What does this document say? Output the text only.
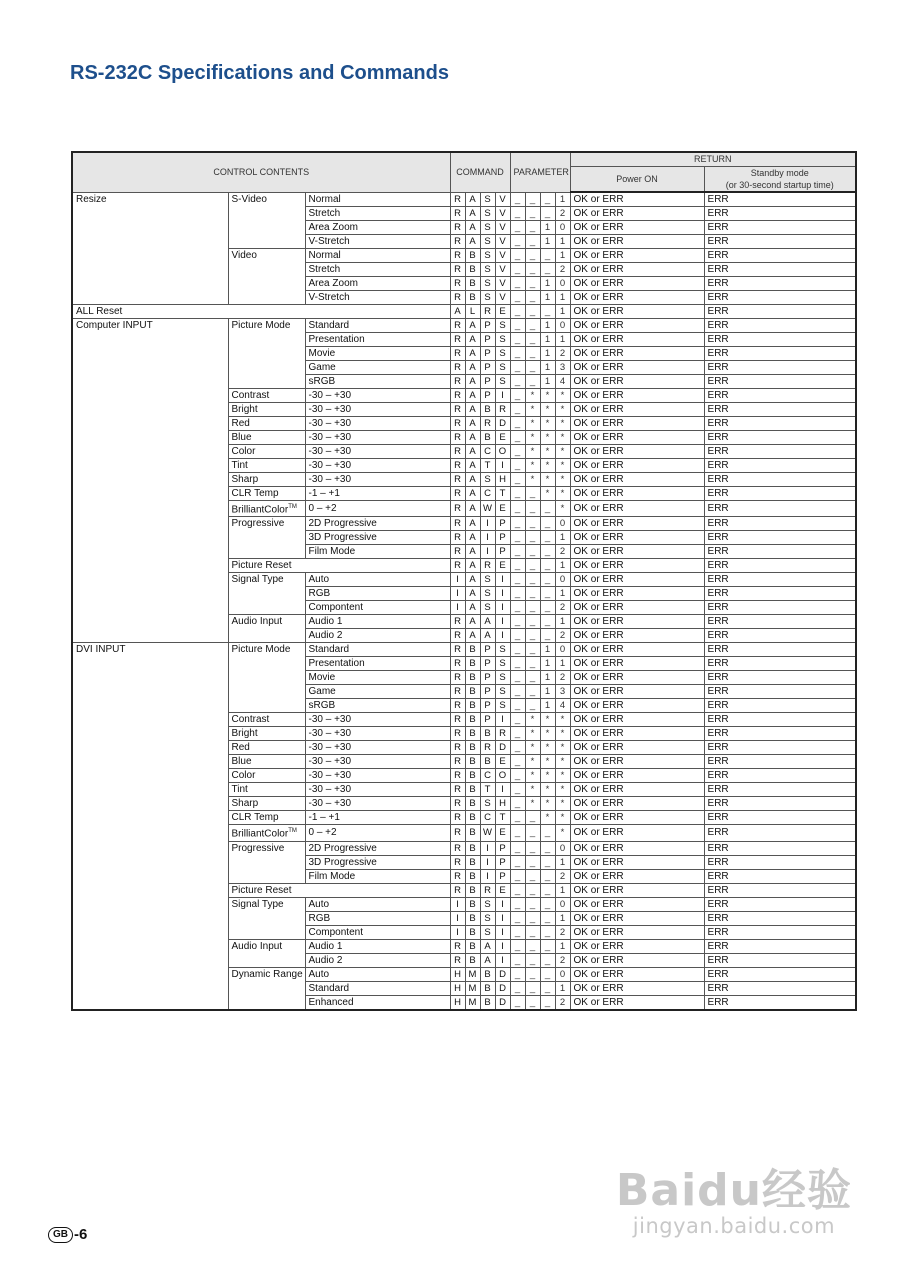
RS-232C Specifications and Commands
CONTROL CONTENTS			COMMAND				PARAMETER				RETURN	
											Power ON	Standby mode
(or 30-second startup time)

Resize	S-Video	Normal	R	A	S	V	_	_	_	1	OK or ERR	ERR
		Stretch	R	A	S	V	_	_	_	2	OK or ERR	ERR
		Area Zoom	R	A	S	V	_	_	1	0	OK or ERR	ERR
		V-Stretch	R	A	S	V	_	_	1	1	OK or ERR	ERR
	Video	Normal	R	B	S	V	_	_	_	1	OK or ERR	ERR
		Stretch	R	B	S	V	_	_	_	2	OK or ERR	ERR
		Area Zoom	R	B	S	V	_	_	1	0	OK or ERR	ERR
		V-Stretch	R	B	S	V	_	_	1	1	OK or ERR	ERR
ALL Reset			A	L	R	E	_	_	_	1	OK or ERR	ERR
Computer INPUT	Picture Mode	Standard	R	A	P	S	_	_	1	0	OK or ERR	ERR
		Presentation	R	A	P	S	_	_	1	1	OK or ERR	ERR
		Movie	R	A	P	S	_	_	1	2	OK or ERR	ERR
		Game	R	A	P	S	_	_	1	3	OK or ERR	ERR
		sRGB	R	A	P	S	_	_	1	4	OK or ERR	ERR
	Contrast	-30 – +30	R	A	P	I	_	*	*	*	OK or ERR	ERR
	Bright	-30 – +30	R	A	B	R	_	*	*	*	OK or ERR	ERR
	Red	-30 – +30	R	A	R	D	_	*	*	*	OK or ERR	ERR
	Blue	-30 – +30	R	A	B	E	_	*	*	*	OK or ERR	ERR
	Color	-30 – +30	R	A	C	O	_	*	*	*	OK or ERR	ERR
	Tint	-30 – +30	R	A	T	I	_	*	*	*	OK or ERR	ERR
	Sharp	-30 – +30	R	A	S	H	_	*	*	*	OK or ERR	ERR
	CLR Temp	-1 – +1	R	A	C	T	_	_	*	*	OK or ERR	ERR
	BrilliantColor™	0 – +2	R	A	W	E	_	_	_	*	OK or ERR	ERR
	Progressive	2D Progressive	R	A	I	P	_	_	_	0	OK or ERR	ERR
		3D Progressive	R	A	I	P	_	_	_	1	OK or ERR	ERR
		Film Mode	R	A	I	P	_	_	_	2	OK or ERR	ERR
	Picture Reset		R	A	R	E	_	_	_	1	OK or ERR	ERR
	Signal Type	Auto	I	A	S	I	_	_	_	0	OK or ERR	ERR
		RGB	I	A	S	I	_	_	_	1	OK or ERR	ERR
		Compontent	I	A	S	I	_	_	_	2	OK or ERR	ERR
	Audio Input	Audio 1	R	A	A	I	_	_	_	1	OK or ERR	ERR
		Audio 2	R	A	A	I	_	_	_	2	OK or ERR	ERR
DVI INPUT	Picture Mode	Standard	R	B	P	S	_	_	1	0	OK or ERR	ERR
		Presentation	R	B	P	S	_	_	1	1	OK or ERR	ERR
		Movie	R	B	P	S	_	_	1	2	OK or ERR	ERR
		Game	R	B	P	S	_	_	1	3	OK or ERR	ERR
		sRGB	R	B	P	S	_	_	1	4	OK or ERR	ERR
	Contrast	-30 – +30	R	B	P	I	_	*	*	*	OK or ERR	ERR
	Bright	-30 – +30	R	B	B	R	_	*	*	*	OK or ERR	ERR
	Red	-30 – +30	R	B	R	D	_	*	*	*	OK or ERR	ERR
	Blue	-30 – +30	R	B	B	E	_	*	*	*	OK or ERR	ERR
	Color	-30 – +30	R	B	C	O	_	*	*	*	OK or ERR	ERR
	Tint	-30 – +30	R	B	T	I	_	*	*	*	OK or ERR	ERR
	Sharp	-30 – +30	R	B	S	H	_	*	*	*	OK or ERR	ERR
	CLR Temp	-1 – +1	R	B	C	T	_	_	*	*	OK or ERR	ERR
	BrilliantColor™	0 – +2	R	B	W	E	_	_	_	*	OK or ERR	ERR
	Progressive	2D Progressive	R	B	I	P	_	_	_	0	OK or ERR	ERR
		3D Progressive	R	B	I	P	_	_	_	1	OK or ERR	ERR
		Film Mode	R	B	I	P	_	_	_	2	OK or ERR	ERR
	Picture Reset		R	B	R	E	_	_	_	1	OK or ERR	ERR
	Signal Type	Auto	I	B	S	I	_	_	_	0	OK or ERR	ERR
		RGB	I	B	S	I	_	_	_	1	OK or ERR	ERR
		Compontent	I	B	S	I	_	_	_	2	OK or ERR	ERR
	Audio Input	Audio 1	R	B	A	I	_	_	_	1	OK or ERR	ERR
		Audio 2	R	B	A	I	_	_	_	2	OK or ERR	ERR
	Dynamic Range	Auto	H	M	B	D	_	_	_	0	OK or ERR	ERR
		Standard	H	M	B	D	_	_	_	1	OK or ERR	ERR
		Enhanced	H	M	B	D	_	_	_	2	OK or ERR	ERR
GB -6
Baidu经验
jingyan.baidu.com
